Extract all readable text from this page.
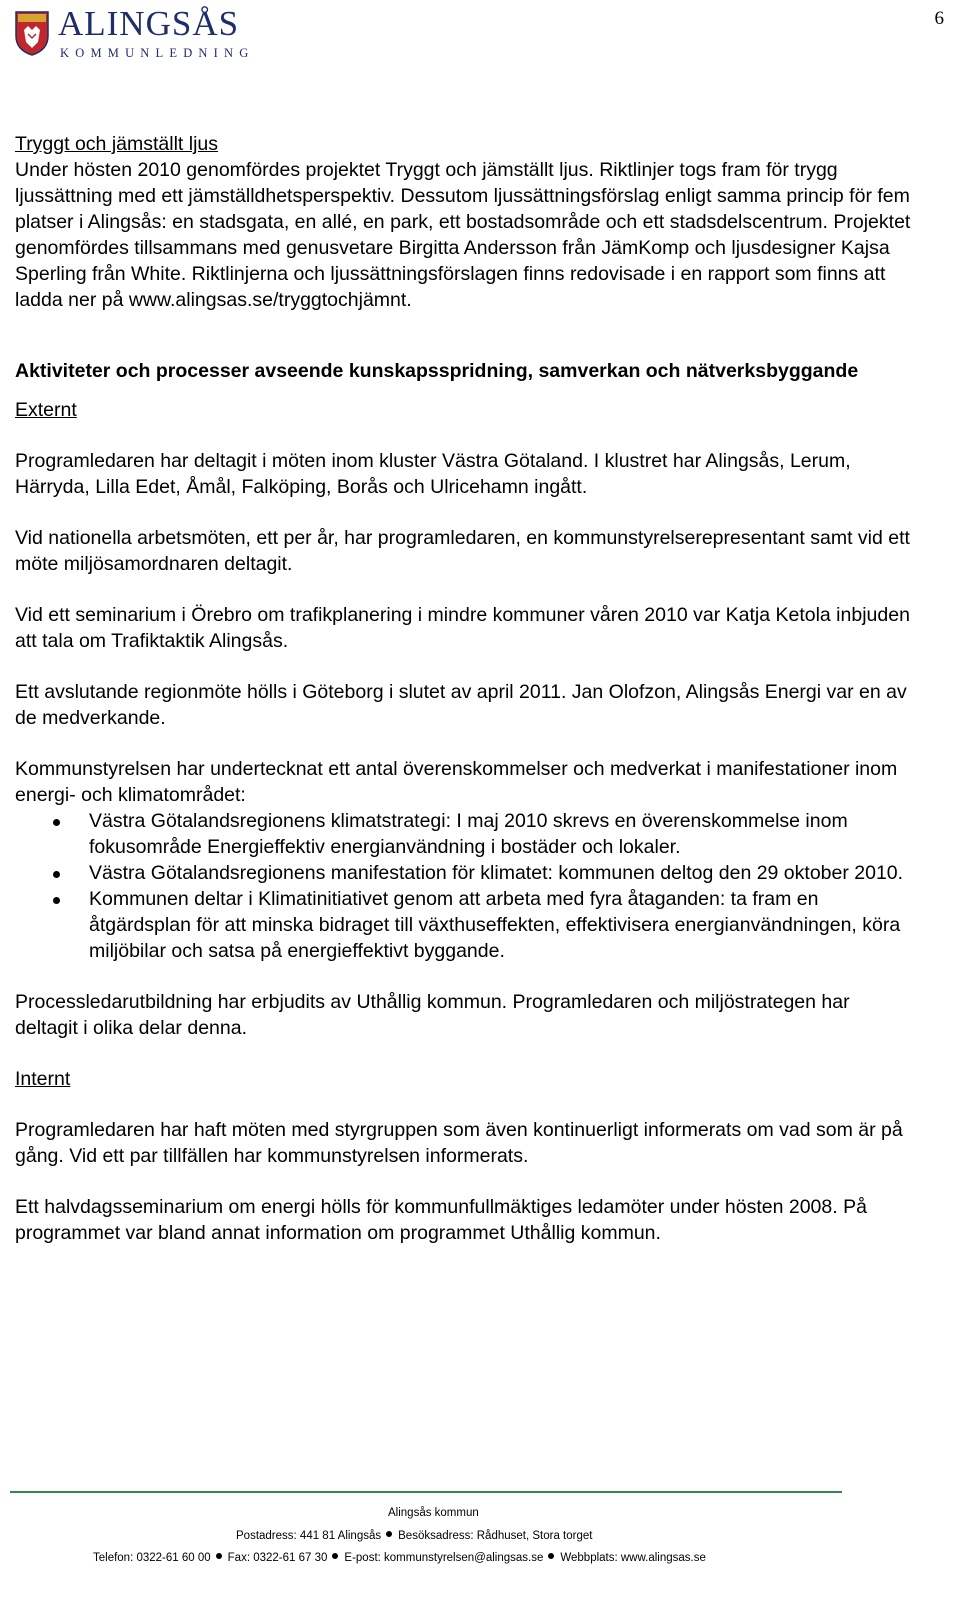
ALINGSÅS
KOMMUNLEDNING
6

Tryggt och jämställt ljus

Under hösten 2010 genomfördes projektet Tryggt och jämställt ljus. Riktlinjer togs fram för trygg ljussättning med ett jämställdhetsperspektiv. Dessutom ljussättningsförslag enligt samma princip för fem platser i Alingsås: en stadsgata, en allé, en park, ett bostadsområde och ett stadsdelscentrum. Projektet genomfördes tillsammans med genusvetare Birgitta Andersson från JämKomp och ljusdesigner Kajsa Sperling från White. Riktlinjerna och ljussättningsförslagen finns redovisade i en rapport som finns att ladda ner på www.alingsas.se/tryggtochjämnt.

Aktiviteter och processer avseende kunskapsspridning, samverkan och nätverksbyggande

Externt

Programledaren har deltagit i möten inom kluster Västra Götaland. I klustret har Alingsås, Lerum, Härryda, Lilla Edet, Åmål, Falköping, Borås och Ulricehamn ingått.

Vid nationella arbetsmöten, ett per år, har programledaren, en kommunstyrelserepresentant samt vid ett möte miljösamordnaren deltagit.

Vid ett seminarium i Örebro om trafikplanering i mindre kommuner våren 2010 var Katja Ketola inbjuden att tala om Trafiktaktik Alingsås.

Ett avslutande regionmöte hölls i Göteborg i slutet av april 2011. Jan Olofzon, Alingsås Energi var en av de medverkande.

Kommunstyrelsen har undertecknat ett antal överenskommelser och medverkat i manifestationer inom energi- och klimatområdet:

Västra Götalandsregionens klimatstrategi: I maj 2010 skrevs en överenskommelse inom fokusområde Energieffektiv energianvändning i bostäder och lokaler.
Västra Götalandsregionens manifestation för klimatet: kommunen deltog den 29 oktober 2010.
Kommunen deltar i Klimatinitiativet genom att arbeta med fyra åtaganden: ta fram en åtgärdsplan för att minska bidraget till växthuseffekten, effektivisera energianvändningen, köra miljöbilar och satsa på energieffektivt byggande.

Processledarutbildning har erbjudits av Uthållig kommun. Programledaren och miljöstrategen har deltagit i olika delar denna.

Internt

Programledaren har haft möten med styrgruppen som även kontinuerligt informerats om vad som är på gång. Vid ett par tillfällen har kommunstyrelsen informerats.

Ett halvdagsseminarium om energi hölls för kommunfullmäktiges ledamöter under hösten 2008. På programmet var bland annat information om programmet Uthållig kommun.

Alingsås kommun
Postadress: 441 81 Alingsås Besöksadress: Rådhuset, Stora torget
Telefon: 0322-61 60 00 Fax: 0322-61 67 30 E-post: kommunstyrelsen@alingsas.se Webbplats: www.alingsas.se
